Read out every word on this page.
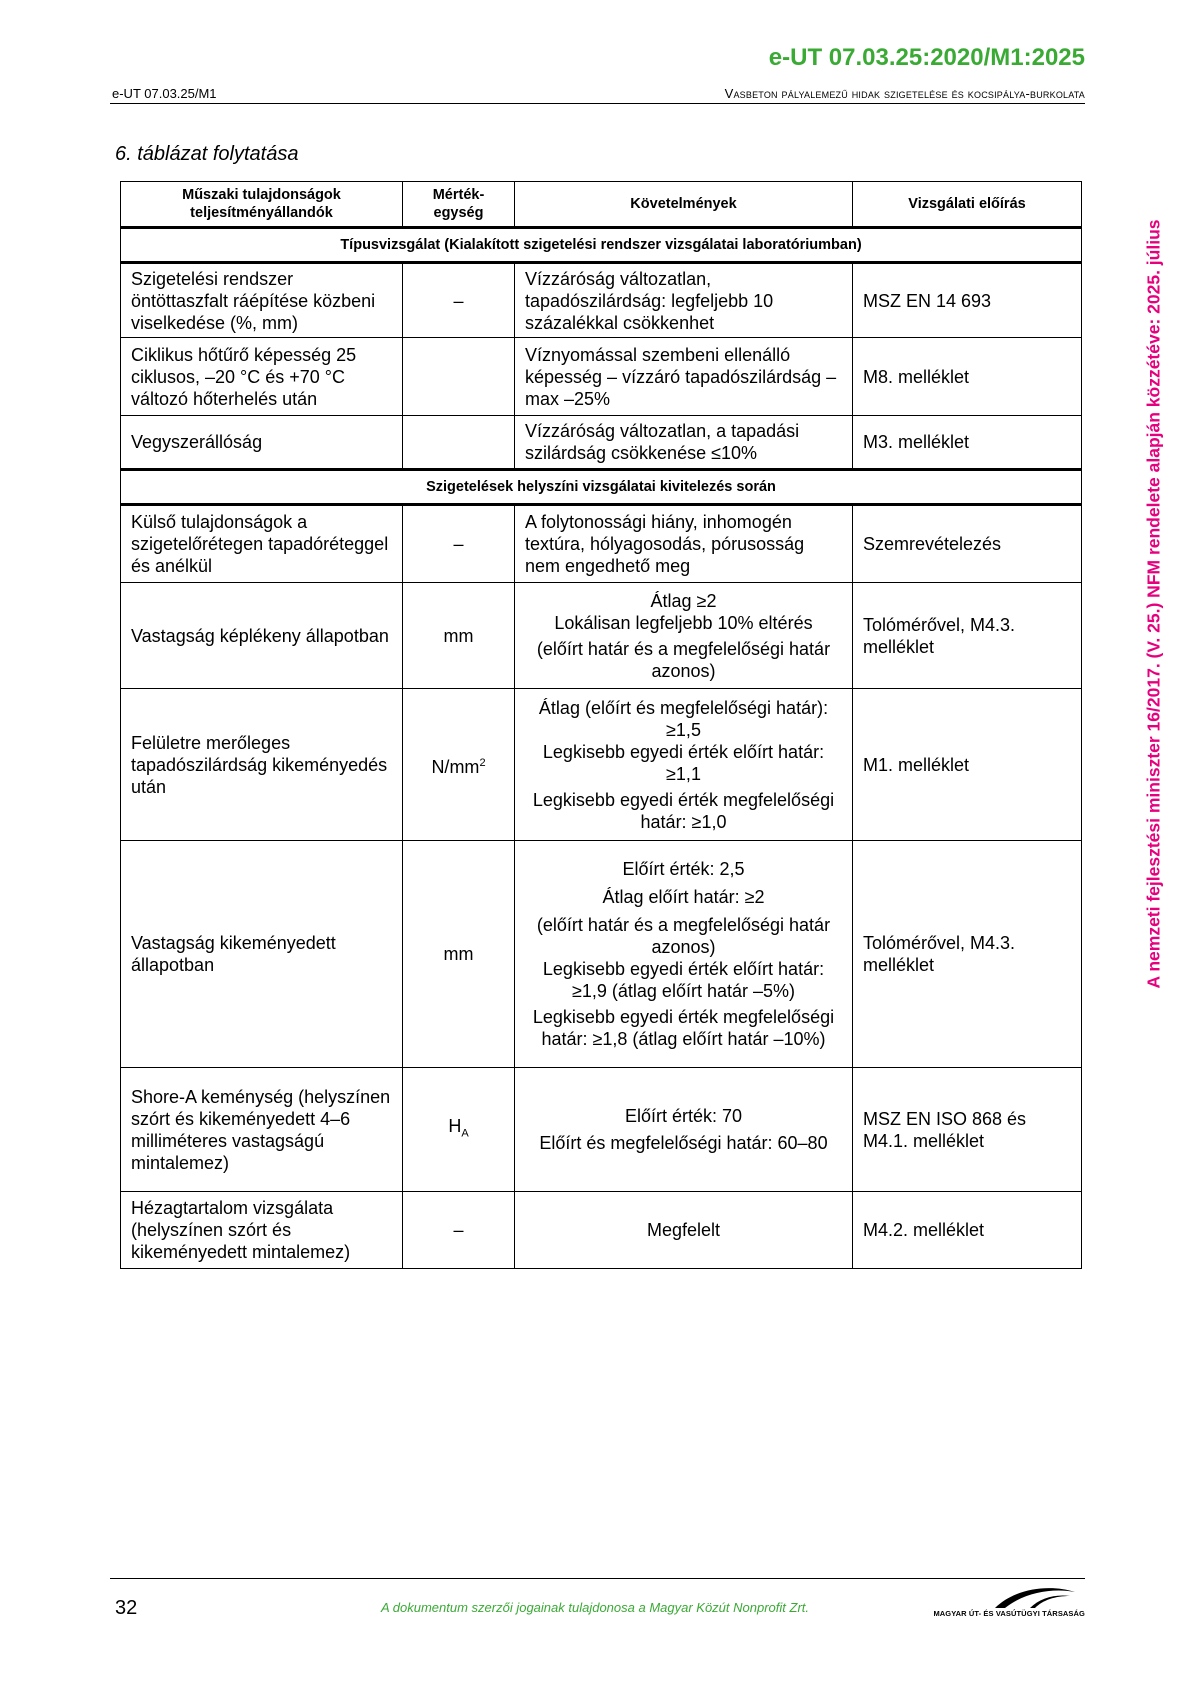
e-UT 07.03.25:2020/M1:2025
e-UT 07.03.25/M1	Vasbeton pályalemezű hidak szigetelése és kocsipálya-burkolata
6. táblázat folytatása
A nemzeti fejlesztési miniszter 16/2017. (V. 25.) NFM rendelete alapján közzétéve: 2025. július
Műszaki tulajdonságok teljesítményállandók	Mérték-egység	Követelmények	Vizsgálati előírás
Típusvizsgálat (Kialakított szigetelési rendszer vizsgálatai laboratóriumban)			
Szigetelési rendszer öntöttaszfalt ráépítése közbeni viselkedése (%, mm)	–	Vízzáróság változatlan, tapadószilárdság: legfeljebb 10 százalékkal csökkenhet	MSZ EN 14 693
Ciklikus hőtűrő képesség 25 ciklusos, –20 °C és +70 °C változó hőterhelés után		Víznyomással szembeni ellenálló képesség – vízzáró tapadószilárdság – max –25%	M8. melléklet
Vegyszerállóság		Vízzáróság változatlan, a tapadási szilárdság csökkenése ≤10%	M3. melléklet
Szigetelések helyszíni vizsgálatai kivitelezés során			
Külső tulajdonságok a szigetelőrétegen tapadóréteggel és anélkül	–	A folytonossági hiány, inhomogén textúra, hólyagosodás, pórusosság nem engedhető meg	Szemrevételezés
Vastagság képlékeny állapotban	mm	Átlag ≥2
Lokálisan legfeljebb 10% eltérés
(előírt határ és a megfelelőségi határ azonos)	Tolómérővel, M4.3. melléklet
Felületre merőleges tapadószilárdság kikeményedés után	$N/mm^2$	Átlag (előírt és megfelelőségi határ): ≥1,5
Legkisebb egyedi érték előírt határ: ≥1,1
Legkisebb egyedi érték megfelelőségi határ: ≥1,0	M1. melléklet
Vastagság kikeményedett állapotban	mm	Előírt érték: 2,5
Átlag előírt határ: ≥2
(előírt határ és a megfelelőségi határ azonos)
Legkisebb egyedi érték előírt határ: ≥1,9 (átlag előírt határ –5%)
Legkisebb egyedi érték megfelelőségi határ: ≥1,8 (átlag előírt határ –10%)	Tolómérővel, M4.3. melléklet
Shore-A keménység (helyszínen szórt és kikeményedett 4–6 milliméteres vastagságú mintalemez)	$H_A$	Előírt érték: 70
Előírt és megfelelőségi határ: 60–80	MSZ EN ISO 868 és M4.1. melléklet
Hézagtartalom vizsgálata (helyszínen szórt és kikeményedett mintalemez)	–	Megfelelt	M4.2. melléklet
32	A dokumentum szerzői jogainak tulajdonosa a Magyar Közút Nonprofit Zrt.	MAGYAR ÚT- ÉS VASÚTÜGYI TÁRSASÁG
